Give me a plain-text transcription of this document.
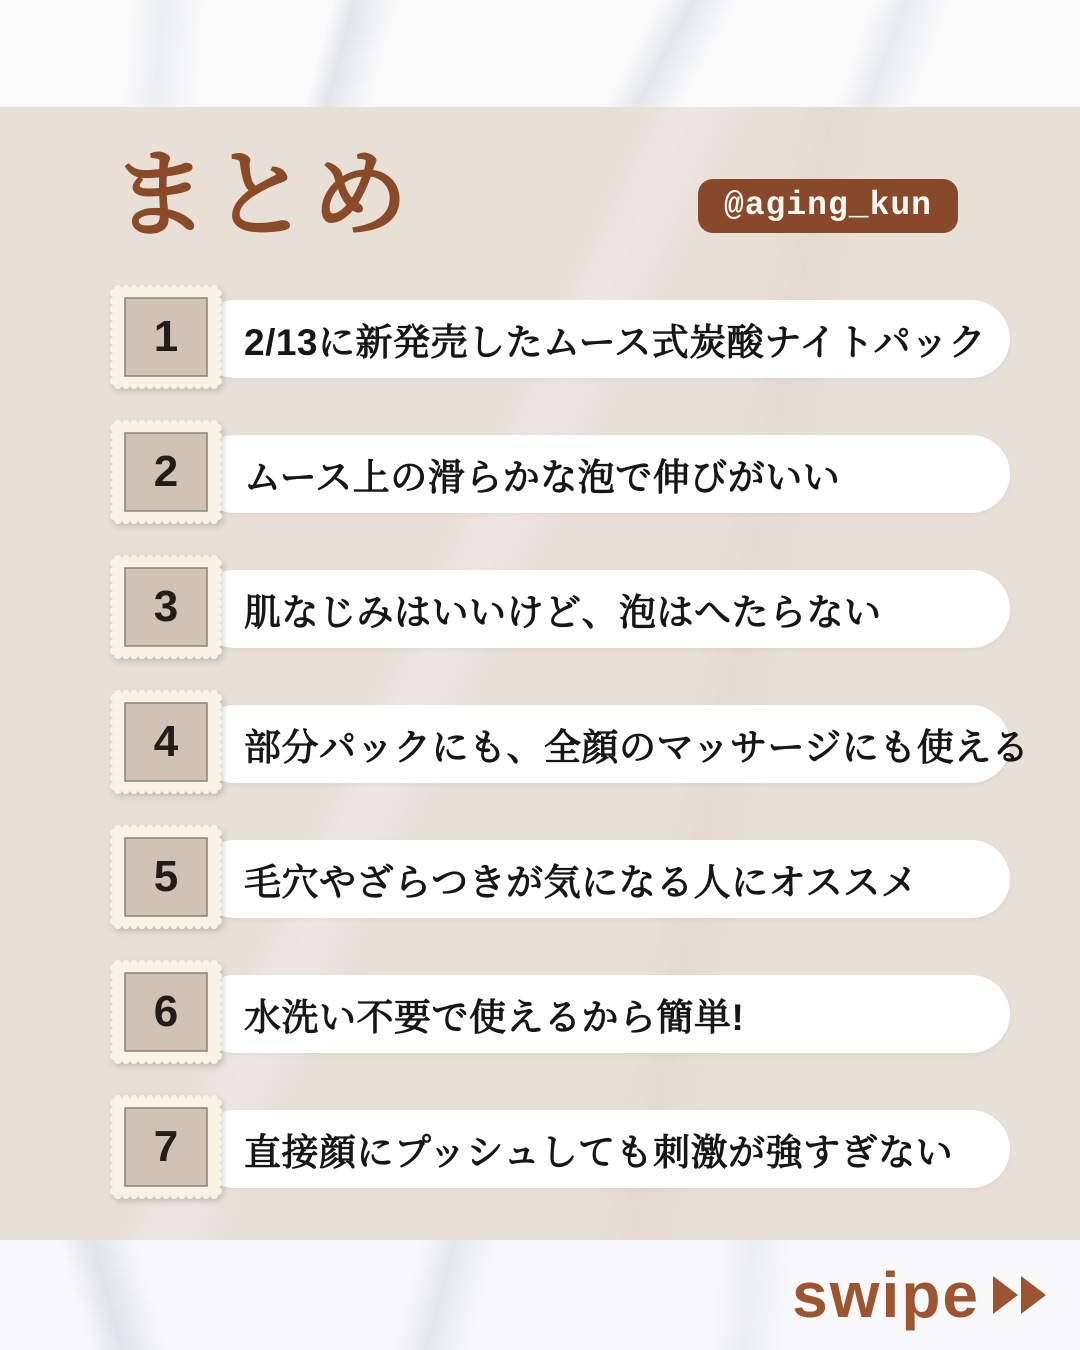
まとめ	@aging_kun
2/13に新発売したムース式炭酸ナイトパック
1
ムース上の滑らかな泡で伸びがいい
2
肌なじみはいいけど、泡はへたらない
3
部分パックにも、全顔のマッサージにも使える
4
毛穴やざらつきが気になる人にオススメ
5
水洗い不要で使えるから簡単!
6
直接顔にプッシュしても刺激が強すぎない
7
swipe
